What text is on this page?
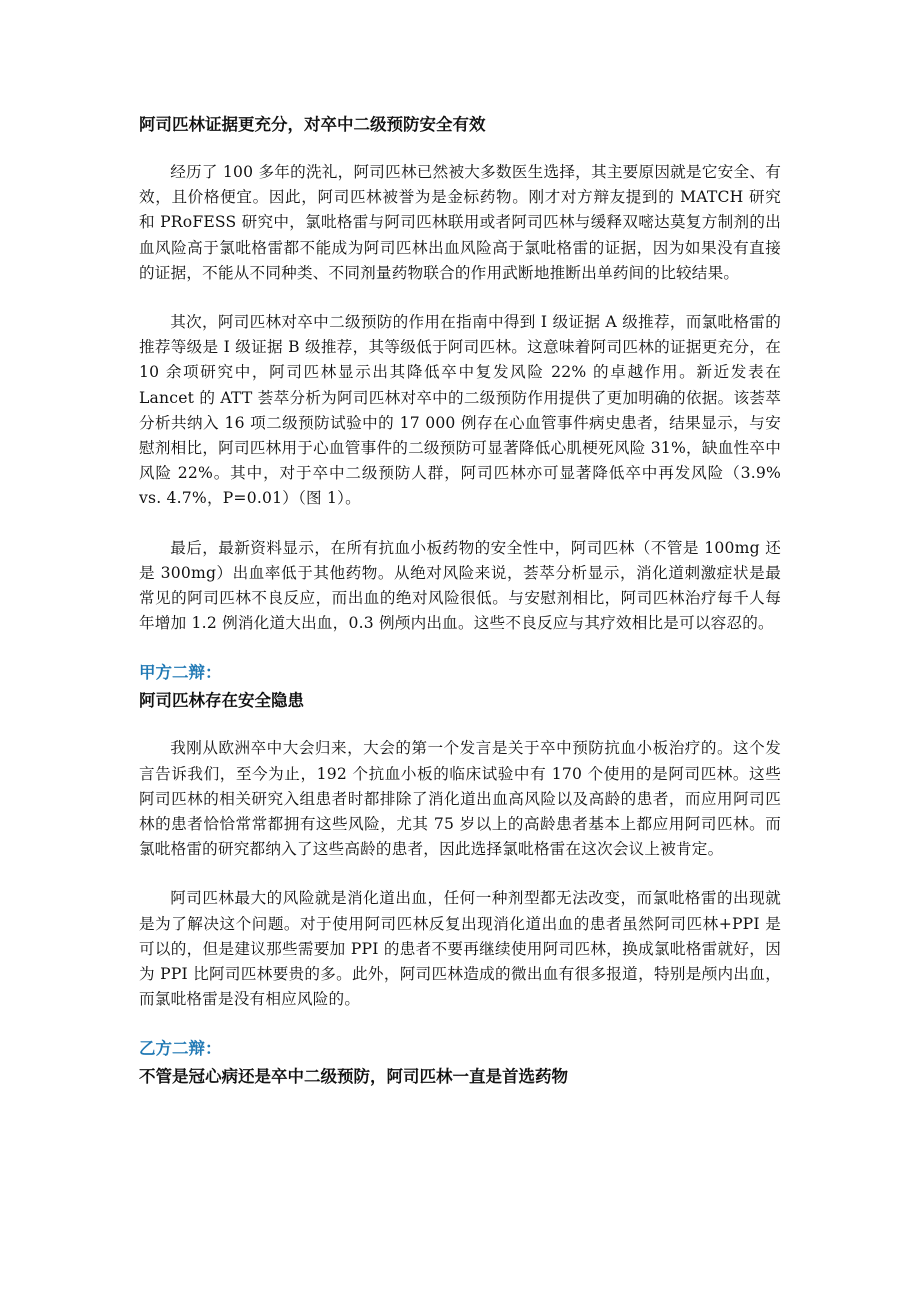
阿司匹林证据更充分，对卒中二级预防安全有效

经历了 100 多年的洗礼，阿司匹林已然被大多数医生选择，其主要原因就是它安全、有效，且价格便宜。因此，阿司匹林被誉为是金标药物。刚才对方辩友提到的 MATCH 研究和 PRoFESS 研究中，氯吡格雷与阿司匹林联用或者阿司匹林与缓释双嘧达莫复方制剂的出血风险高于氯吡格雷都不能成为阿司匹林出血风险高于氯吡格雷的证据，因为如果没有直接的证据，不能从不同种类、不同剂量药物联合的作用武断地推断出单药间的比较结果。

其次，阿司匹林对卒中二级预防的作用在指南中得到 Ⅰ 级证据 A 级推荐，而氯吡格雷的推荐等级是 Ⅰ 级证据 B 级推荐，其等级低于阿司匹林。这意味着阿司匹林的证据更充分，在 10 余项研究中，阿司匹林显示出其降低卒中复发风险 22% 的卓越作用。新近发表在 Lancet 的 ATT 荟萃分析为阿司匹林对卒中的二级预防作用提供了更加明确的依据。该荟萃分析共纳入 16 项二级预防试验中的 17 000 例存在心血管事件病史患者，结果显示，与安慰剂相比，阿司匹林用于心血管事件的二级预防可显著降低心肌梗死风险 31%，缺血性卒中风险 22%。其中，对于卒中二级预防人群，阿司匹林亦可显著降低卒中再发风险（3.9% vs. 4.7%，P=0.01）（图 1）。

最后，最新资料显示，在所有抗血小板药物的安全性中，阿司匹林（不管是 100mg 还是 300mg）出血率低于其他药物。从绝对风险来说，荟萃分析显示，消化道刺激症状是最常见的阿司匹林不良反应，而出血的绝对风险很低。与安慰剂相比，阿司匹林治疗每千人每年增加 1.2 例消化道大出血，0.3 例颅内出血。这些不良反应与其疗效相比是可以容忍的。

甲方二辩：

阿司匹林存在安全隐患

我刚从欧洲卒中大会归来，大会的第一个发言是关于卒中预防抗血小板治疗的。这个发言告诉我们，至今为止，192 个抗血小板的临床试验中有 170 个使用的是阿司匹林。这些阿司匹林的相关研究入组患者时都排除了消化道出血高风险以及高龄的患者，而应用阿司匹林的患者恰恰常常都拥有这些风险，尤其 75 岁以上的高龄患者基本上都应用阿司匹林。而氯吡格雷的研究都纳入了这些高龄的患者，因此选择氯吡格雷在这次会议上被肯定。

阿司匹林最大的风险就是消化道出血，任何一种剂型都无法改变，而氯吡格雷的出现就是为了解决这个问题。对于使用阿司匹林反复出现消化道出血的患者虽然阿司匹林+PPI 是可以的，但是建议那些需要加 PPI 的患者不要再继续使用阿司匹林，换成氯吡格雷就好，因为 PPI 比阿司匹林要贵的多。此外，阿司匹林造成的微出血有很多报道，特别是颅内出血，而氯吡格雷是没有相应风险的。

乙方二辩：

不管是冠心病还是卒中二级预防，阿司匹林一直是首选药物
